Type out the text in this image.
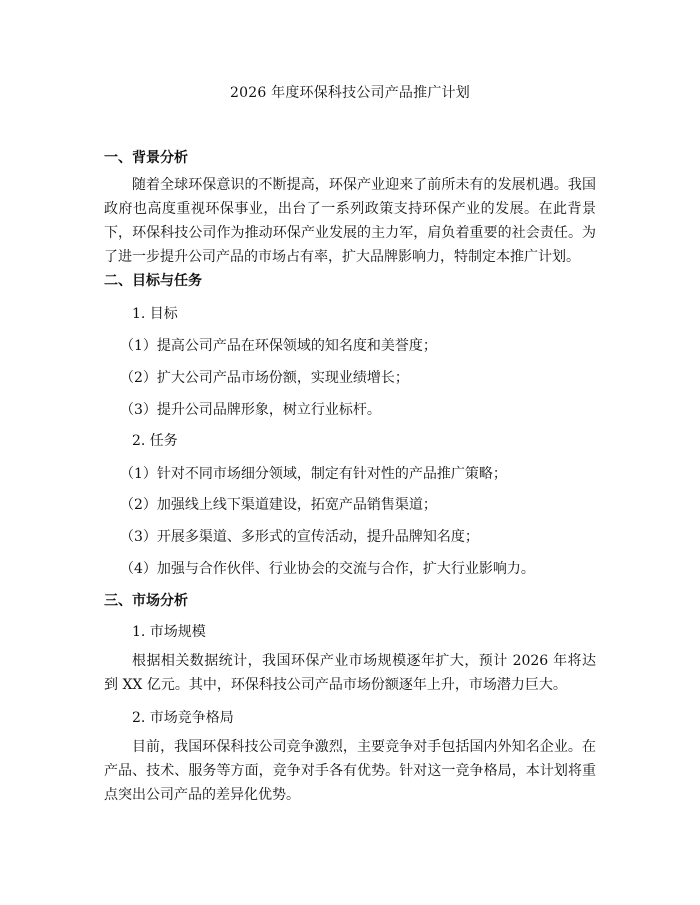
2026 年度环保科技公司产品推广计划
一、背景分析

随着全球环保意识的不断提高，环保产业迎来了前所未有的发展机遇。我国政府也高度重视环保事业，出台了一系列政策支持环保产业的发展。在此背景下，环保科技公司作为推动环保产业发展的主力军，肩负着重要的社会责任。为了进一步提升公司产品的市场占有率，扩大品牌影响力，特制定本推广计划。

二、目标与任务
1. 目标
（1）提高公司产品在环保领域的知名度和美誉度；
（2）扩大公司产品市场份额，实现业绩增长；
（3）提升公司品牌形象，树立行业标杆。
2. 任务
（1）针对不同市场细分领域，制定有针对性的产品推广策略；
（2）加强线上线下渠道建设，拓宽产品销售渠道；
（3）开展多渠道、多形式的宣传活动，提升品牌知名度；
（4）加强与合作伙伴、行业协会的交流与合作，扩大行业影响力。
三、市场分析
1. 市场规模

根据相关数据统计，我国环保产业市场规模逐年扩大，预计 2026 年将达到 XX 亿元。其中，环保科技公司产品市场份额逐年上升，市场潜力巨大。

2. 市场竞争格局

目前，我国环保科技公司竞争激烈，主要竞争对手包括国内外知名企业。在产品、技术、服务等方面，竞争对手各有优势。针对这一竞争格局，本计划将重点突出公司产品的差异化优势。
